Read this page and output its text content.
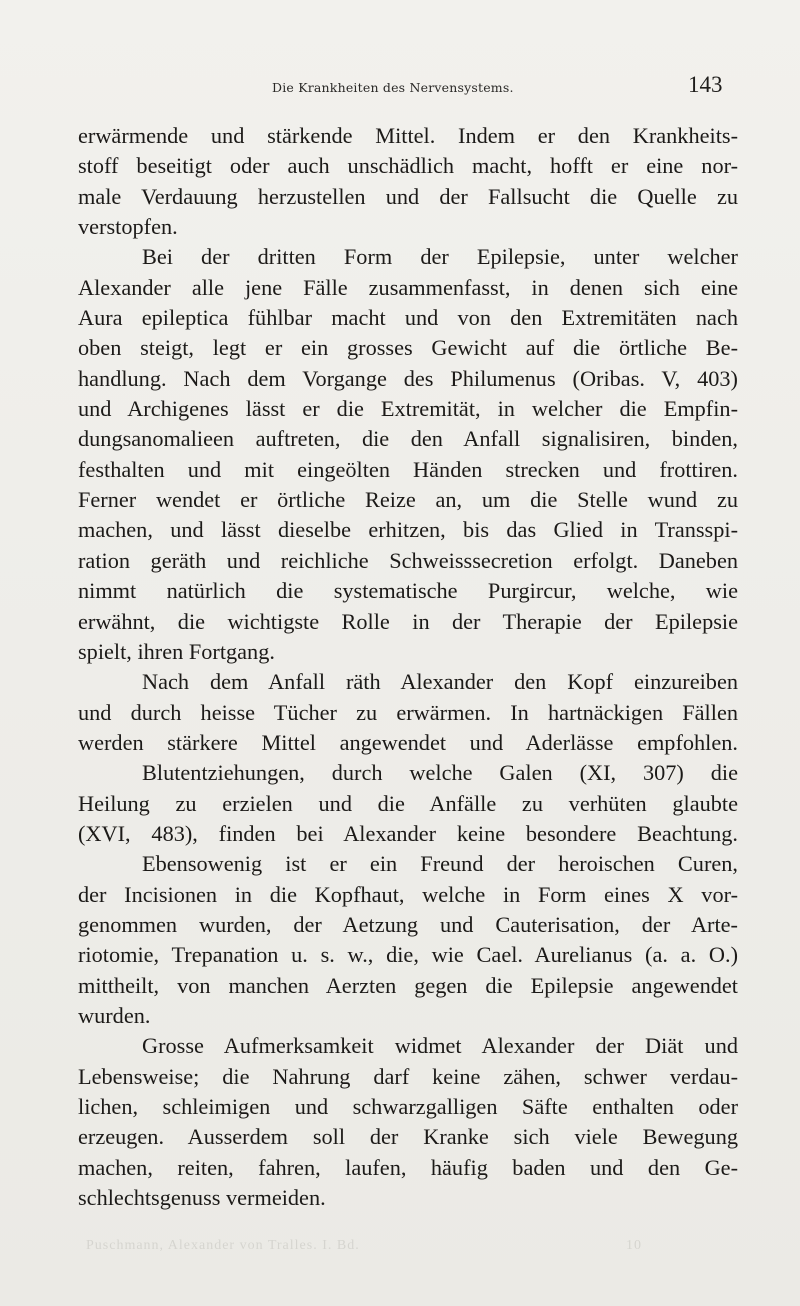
Die Krankheiten des Nervensystems.	143
erwärmende und stärkende Mittel. Indem er den Krankheits-
stoff beseitigt oder auch unschädlich macht, hofft er eine nor-
male Verdauung herzustellen und der Fallsucht die Quelle zu
verstopfen.
Bei der dritten Form der Epilepsie, unter welcher
Alexander alle jene Fälle zusammenfasst, in denen sich eine
Aura epileptica fühlbar macht und von den Extremitäten nach
oben steigt, legt er ein grosses Gewicht auf die örtliche Be-
handlung. Nach dem Vorgange des Philumenus (Oribas. V, 403)
und Archigenes lässt er die Extremität, in welcher die Empfin-
dungsanomalieen auftreten, die den Anfall signalisiren, binden,
festhalten und mit eingeölten Händen strecken und frottiren.
Ferner wendet er örtliche Reize an, um die Stelle wund zu
machen, und lässt dieselbe erhitzen, bis das Glied in Transspi-
ration geräth und reichliche Schweisssecretion erfolgt. Daneben
nimmt natürlich die systematische Purgircur, welche, wie
erwähnt, die wichtigste Rolle in der Therapie der Epilepsie
spielt, ihren Fortgang.
Nach dem Anfall räth Alexander den Kopf einzureiben
und durch heisse Tücher zu erwärmen. In hartnäckigen Fällen
werden stärkere Mittel angewendet und Aderlässe empfohlen.
Blutentziehungen, durch welche Galen (XI, 307) die
Heilung zu erzielen und die Anfälle zu verhüten glaubte
(XVI, 483), finden bei Alexander keine besondere Beachtung.
Ebensowenig ist er ein Freund der heroischen Curen,
der Incisionen in die Kopfhaut, welche in Form eines X vor-
genommen wurden, der Aetzung und Cauterisation, der Arte-
riotomie, Trepanation u. s. w., die, wie Cael. Aurelianus (a. a. O.)
mittheilt, von manchen Aerzten gegen die Epilepsie angewendet
wurden.
Grosse Aufmerksamkeit widmet Alexander der Diät und
Lebensweise; die Nahrung darf keine zähen, schwer verdau-
lichen, schleimigen und schwarzgalligen Säfte enthalten oder
erzeugen. Ausserdem soll der Kranke sich viele Bewegung
machen, reiten, fahren, laufen, häufig baden und den Ge-
schlechtsgenuss vermeiden.
Puschmann, Alexander von Tralles. I. Bd.	10
